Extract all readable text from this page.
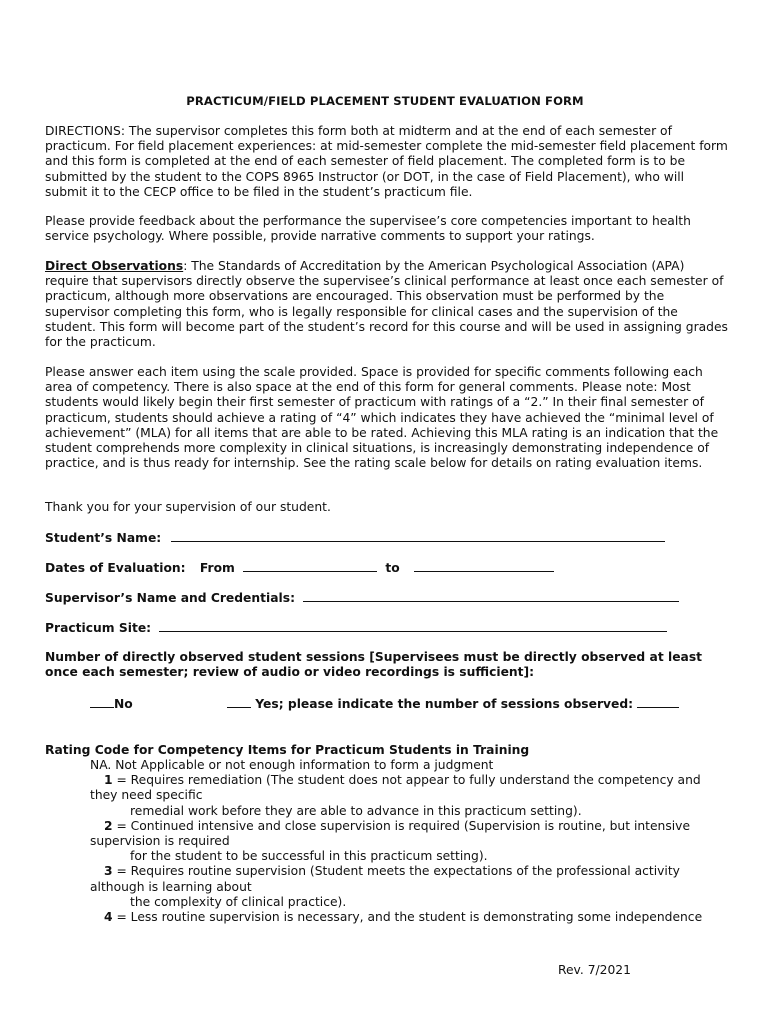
PRACTICUM/FIELD PLACEMENT STUDENT EVALUATION FORM

DIRECTIONS: The supervisor completes this form both at midterm and at the end of each semester of practicum. For field placement experiences: at mid-semester complete the mid-semester field placement form and this form is completed at the end of each semester of field placement. The completed form is to be submitted by the student to the COPS 8965 Instructor (or DOT, in the case of Field Placement), who will submit it to the CECP office to be filed in the student’s practicum file.

Please provide feedback about the performance the supervisee’s core competencies important to health service psychology. Where possible, provide narrative comments to support your ratings.

Direct Observations: The Standards of Accreditation by the American Psychological Association (APA) require that supervisors directly observe the supervisee’s clinical performance at least once each semester of practicum, although more observations are encouraged. This observation must be performed by the supervisor completing this form, who is legally responsible for clinical cases and the supervision of the student. This form will become part of the student’s record for this course and will be used in assigning grades for the practicum.

Please answer each item using the scale provided. Space is provided for specific comments following each area of competency. There is also space at the end of this form for general comments. Please note: Most students would likely begin their first semester of practicum with ratings of a “2.” In their final semester of practicum, students should achieve a rating of “4” which indicates they have achieved the “minimal level of achievement” (MLA) for all items that are able to be rated. Achieving this MLA rating is an indication that the student comprehends more complexity in clinical situations, is increasingly demonstrating independence of practice, and is thus ready for internship. See the rating scale below for details on rating evaluation items.

Thank you for your supervision of our student.

Student’s Name:
Dates of Evaluation: From	to
Supervisor’s Name and Credentials:
Practicum Site:

Number of directly observed student sessions [Supervisees must be directly observed at least once each semester; review of audio or video recordings is sufficient]:

No	Yes; please indicate the number of sessions observed:
Rating Code for Competency Items for Practicum Students in Training
NA. Not Applicable or not enough information to form a judgment
1 = Requires remediation (The student does not appear to fully understand the competency and they need specific
remedial work before they are able to advance in this practicum setting).
2 = Continued intensive and close supervision is required (Supervision is routine, but intensive supervision is required
for the student to be successful in this practicum setting).
3 = Requires routine supervision (Student meets the expectations of the professional activity although is learning about
the complexity of clinical practice).
4 = Less routine supervision is necessary, and the student is demonstrating some independence
Rev. 7/2021
